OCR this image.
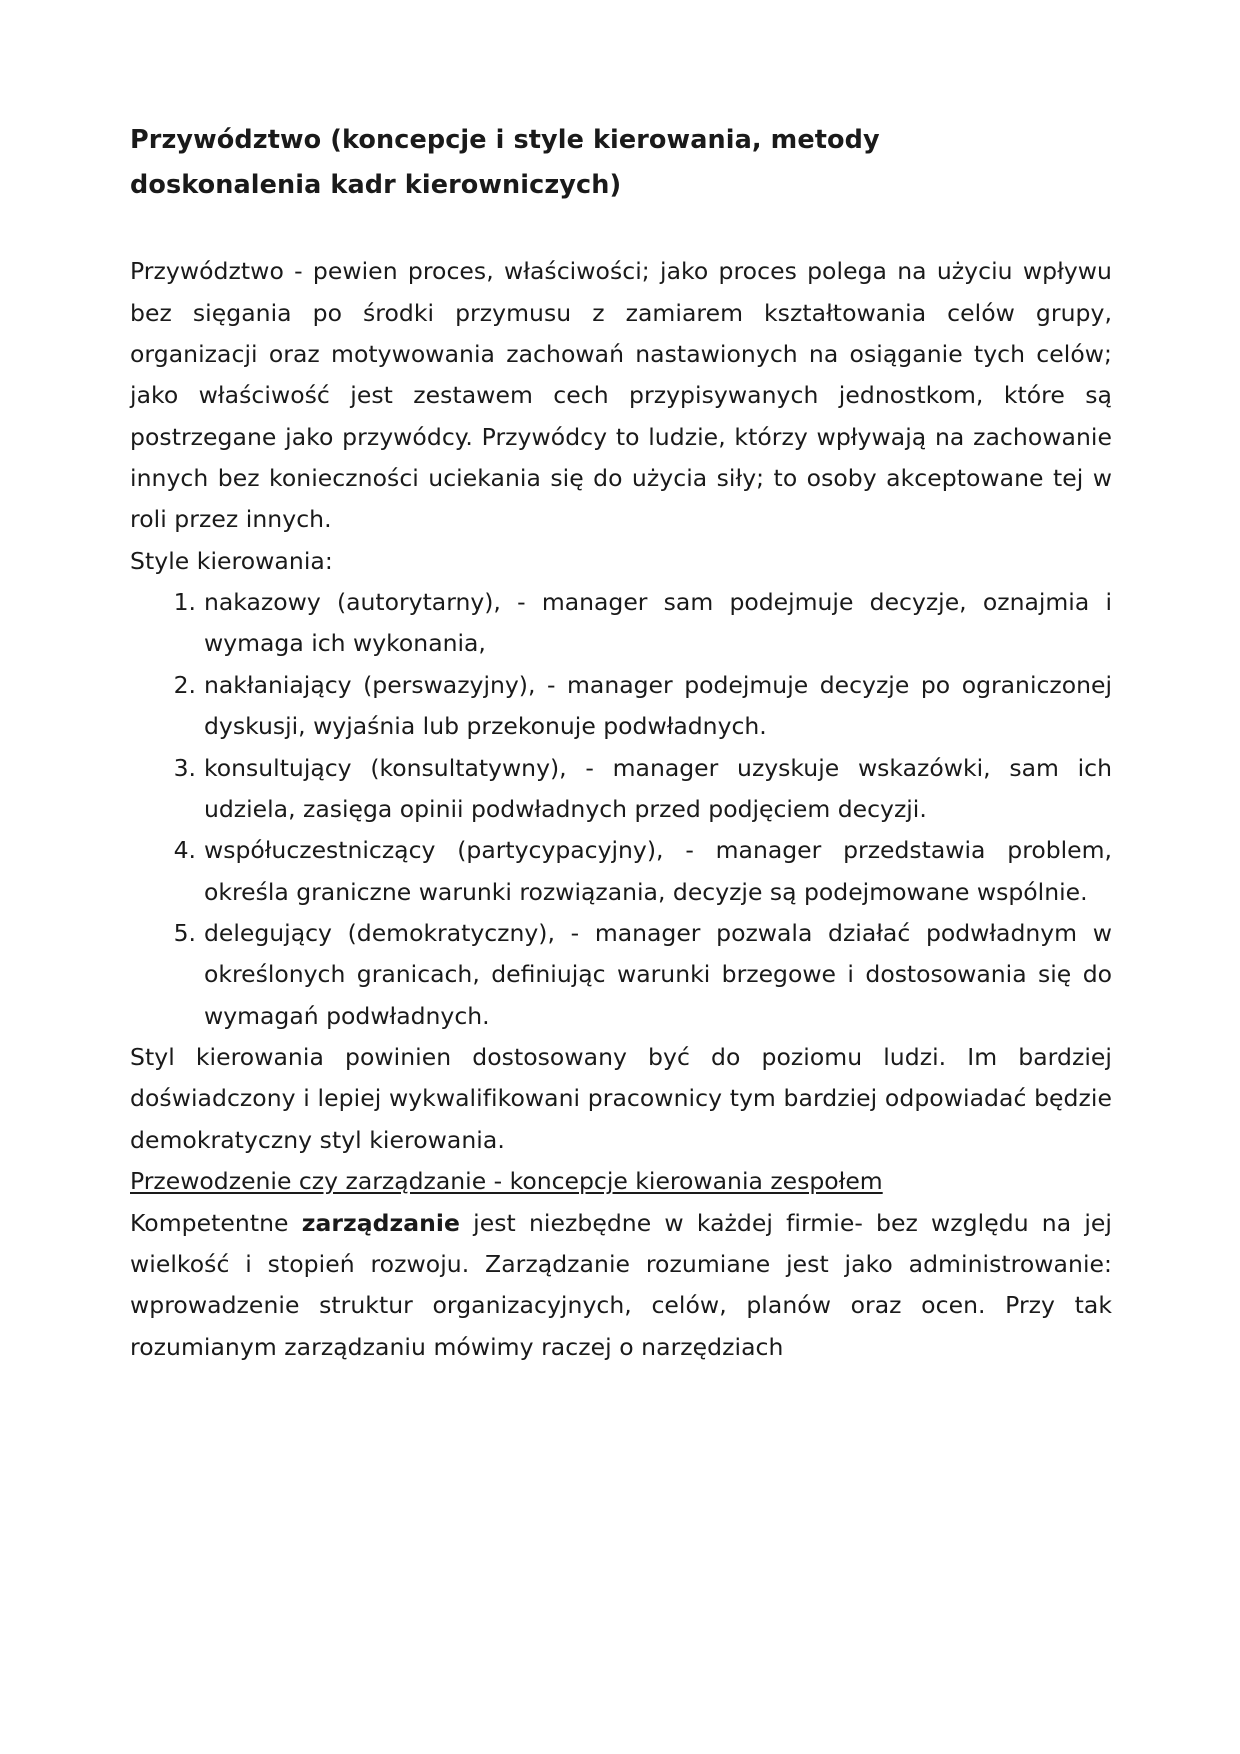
Przywództwo (koncepcje i style kierowania, metody doskonalenia kadr kierowniczych)

Przywództwo - pewien proces, właściwości; jako proces polega na użyciu wpływu bez sięgania po środki przymusu z zamiarem kształtowania celów grupy, organizacji oraz motywowania zachowań nastawionych na osiąganie tych celów; jako właściwość jest zestawem cech przypisywanych jednostkom, które są postrzegane jako przywódcy. Przywódcy to ludzie, którzy wpływają na zachowanie innych bez konieczności uciekania się do użycia siły; to osoby akceptowane tej w roli przez innych.

Style kierowania:

nakazowy (autorytarny), - manager sam podejmuje decyzje, oznajmia i wymaga ich wykonania,
nakłaniający (perswazyjny), - manager podejmuje decyzje po ograniczonej dyskusji, wyjaśnia lub przekonuje podwładnych.
konsultujący (konsultatywny), - manager uzyskuje wskazówki, sam ich udziela, zasięga opinii podwładnych przed podjęciem decyzji.
współuczestniczący (partycypacyjny), - manager przedstawia problem, określa graniczne warunki rozwiązania, decyzje są podejmowane wspólnie.
delegujący (demokratyczny), - manager pozwala działać podwładnym w określonych granicach, definiując warunki brzegowe i dostosowania się do wymagań podwładnych.

Styl kierowania powinien dostosowany być do poziomu ludzi. Im bardziej doświadczony i lepiej wykwalifikowani pracownicy tym bardziej odpowiadać będzie demokratyczny styl kierowania.

Przewodzenie czy zarządzanie - koncepcje kierowania zespołem

Kompetentne zarządzanie jest niezbędne w każdej firmie- bez względu na jej wielkość i stopień rozwoju. Zarządzanie rozumiane jest jako administrowanie: wprowadzenie struktur organizacyjnych, celów, planów oraz ocen. Przy tak rozumianym zarządzaniu mówimy raczej o narzędziach
